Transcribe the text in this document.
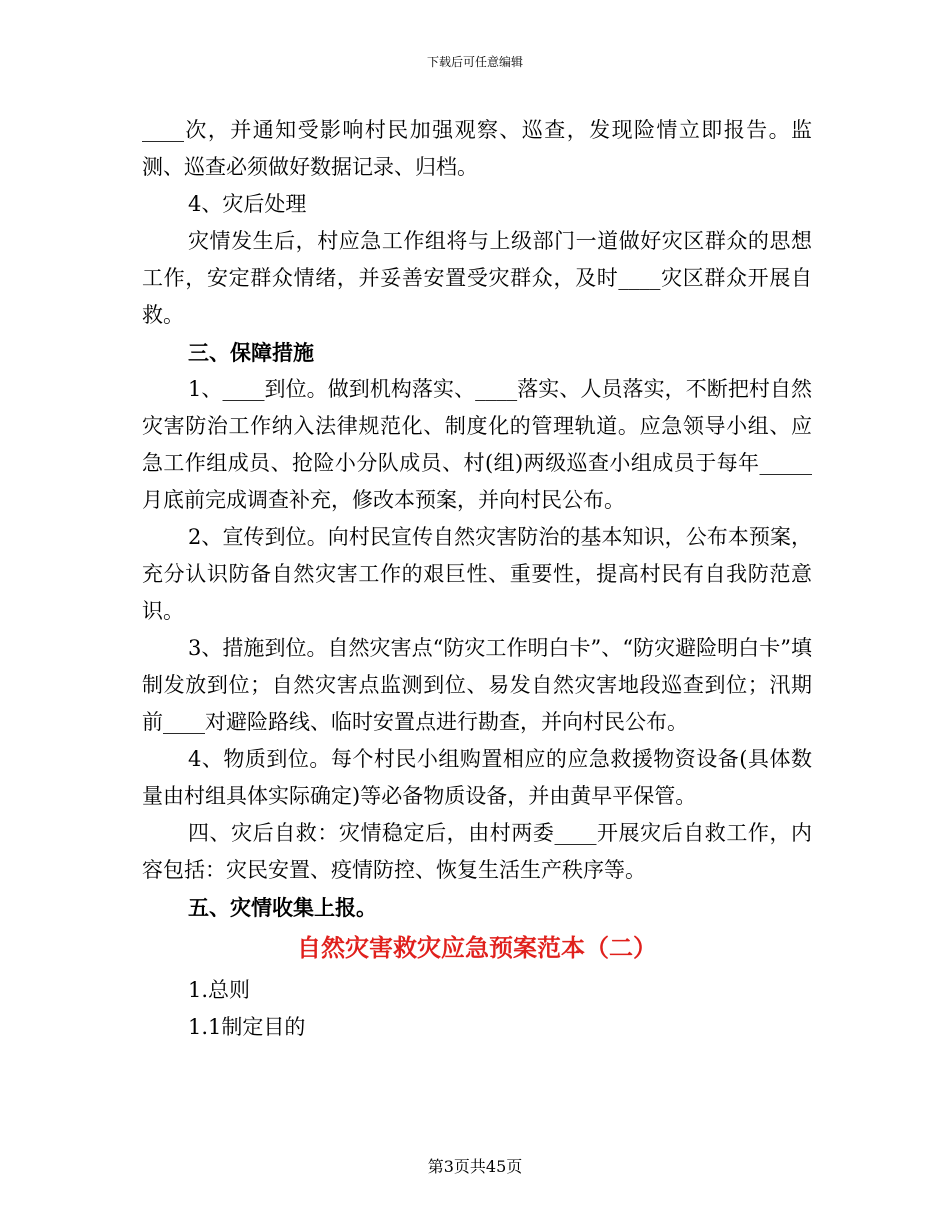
下载后可任意编辑

____次，并通知受影响村民加强观察、巡查，发现险情立即报告。监测、巡查必须做好数据记录、归档。

4、灾后处理

灾情发生后，村应急工作组将与上级部门一道做好灾区群众的思想工作，安定群众情绪，并妥善安置受灾群众，及时____灾区群众开展自救。

三、保障措施

1、____到位。做到机构落实、____落实、人员落实，不断把村自然灾害防治工作纳入法律规范化、制度化的管理轨道。应急领导小组、应急工作组成员、抢险小分队成员、村(组)两级巡查小组成员于每年_____月底前完成调查补充，修改本预案，并向村民公布。

2、宣传到位。向村民宣传自然灾害防治的基本知识，公布本预案，充分认识防备自然灾害工作的艰巨性、重要性，提高村民有自我防范意识。

3、措施到位。自然灾害点“防灾工作明白卡”、“防灾避险明白卡”填制发放到位；自然灾害点监测到位、易发自然灾害地段巡查到位；汛期前____对避险路线、临时安置点进行勘查，并向村民公布。

4、物质到位。每个村民小组购置相应的应急救援物资设备(具体数量由村组具体实际确定)等必备物质设备，并由黄早平保管。

四、灾后自救：灾情稳定后，由村两委____开展灾后自救工作，内容包括：灾民安置、疫情防控、恢复生活生产秩序等。

五、灾情收集上报。

自然灾害救灾应急预案范本（二）

1.总则

1.1制定目的

第3页共45页
